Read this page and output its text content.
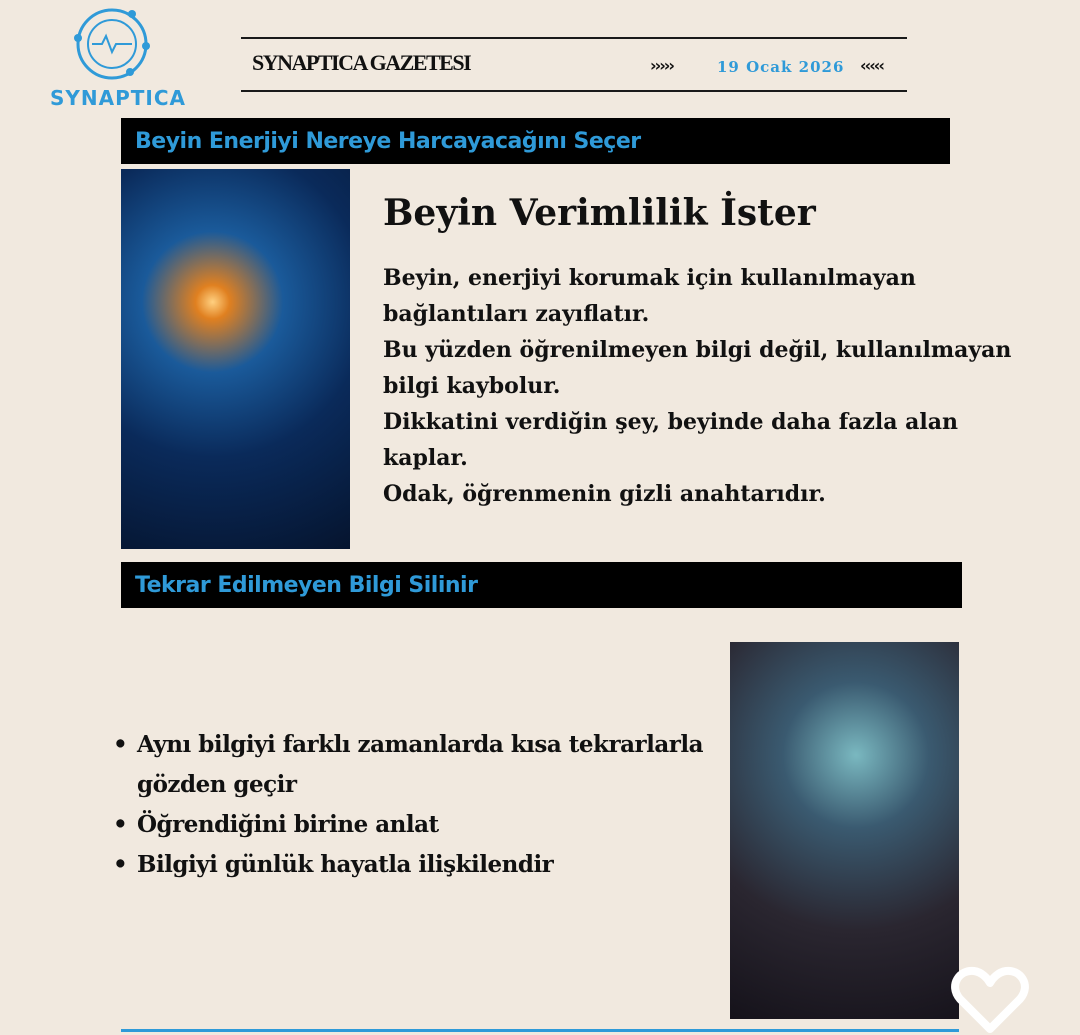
SYNAPTICA
SYNAPTICA GAZETESI	›››››	19 Ocak 2026 ‹‹‹‹‹
Beyin Enerjiyi Nereye Harcayacağını Seçer
Beyin Verimlilik İster

Beyin, enerjiyi korumak için kullanılmayan bağlantıları zayıflatır.

Bu yüzden öğrenilmeyen bilgi değil, kullanılmayan bilgi kaybolur.

Dikkatini verdiğin şey, beyinde daha fazla alan kaplar.

Odak, öğrenmenin gizli anahtarıdır.

Tekrar Edilmeyen Bilgi Silinir
• Aynı bilgiyi farklı zamanlarda kısa tekrarlarla gözden geçir
• Öğrendiğini birine anlat
• Bilgiyi günlük hayatla ilişkilendir
